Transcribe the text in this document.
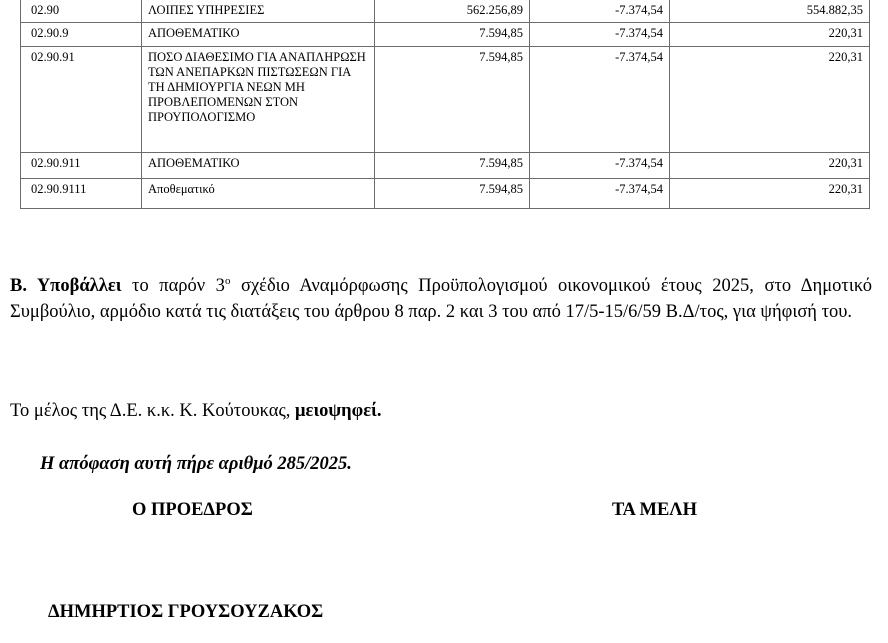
02.90	ΛΟΙΠΕΣ ΥΠΗΡΕΣΙΕΣ	562.256,89	-7.374,54	554.882,35
02.90.9	ΑΠΟΘΕΜΑΤΙΚΟ	7.594,85	-7.374,54	220,31
02.90.91	ΠΟΣΟ ΔΙΑΘΕΣΙΜΟ ΓΙΑ ΑΝΑΠΛΗΡΩΣΗ ΤΩΝ ΑΝΕΠΑΡΚΩΝ ΠΙΣΤΩΣΕΩΝ ΓΙΑ ΤΗ ΔΗΜΙΟΥΡΓΙΑ ΝΕΩΝ ΜΗ ΠΡΟΒΛΕΠΟΜΕΝΩΝ ΣΤΟΝ ΠΡΟΥΠΟΛΟΓΙΣΜΟ	7.594,85	-7.374,54	220,31
02.90.911	ΑΠΟΘΕΜΑΤΙΚΟ	7.594,85	-7.374,54	220,31
02.90.9111	Αποθεματικό	7.594,85	-7.374,54	220,31

Β. Υποβάλλει το παρόν $3^o$ σχέδιο Αναμόρφωσης Προϋπολογισμού οικονομικού έτους 2025, στο Δημοτικό Συμβούλιο, αρμόδιο κατά τις διατάξεις του άρθρου 8 παρ. 2 και 3 του από 17/5-15/6/59 Β.Δ/τος, για ψήφισή του.

Το μέλος της Δ.Ε. κ.κ. Κ. Κούτουκας, μειοψηφεί.
Η απόφαση αυτή πήρε αριθμό 285/2025.
Ο ΠΡΟΕΔΡΟΣ	ΤΑ ΜΕΛΗ
ΔΗΜΗΡΤΙΟΣ ΓΡΟΥΣΟΥΖΑΚΟΣ
